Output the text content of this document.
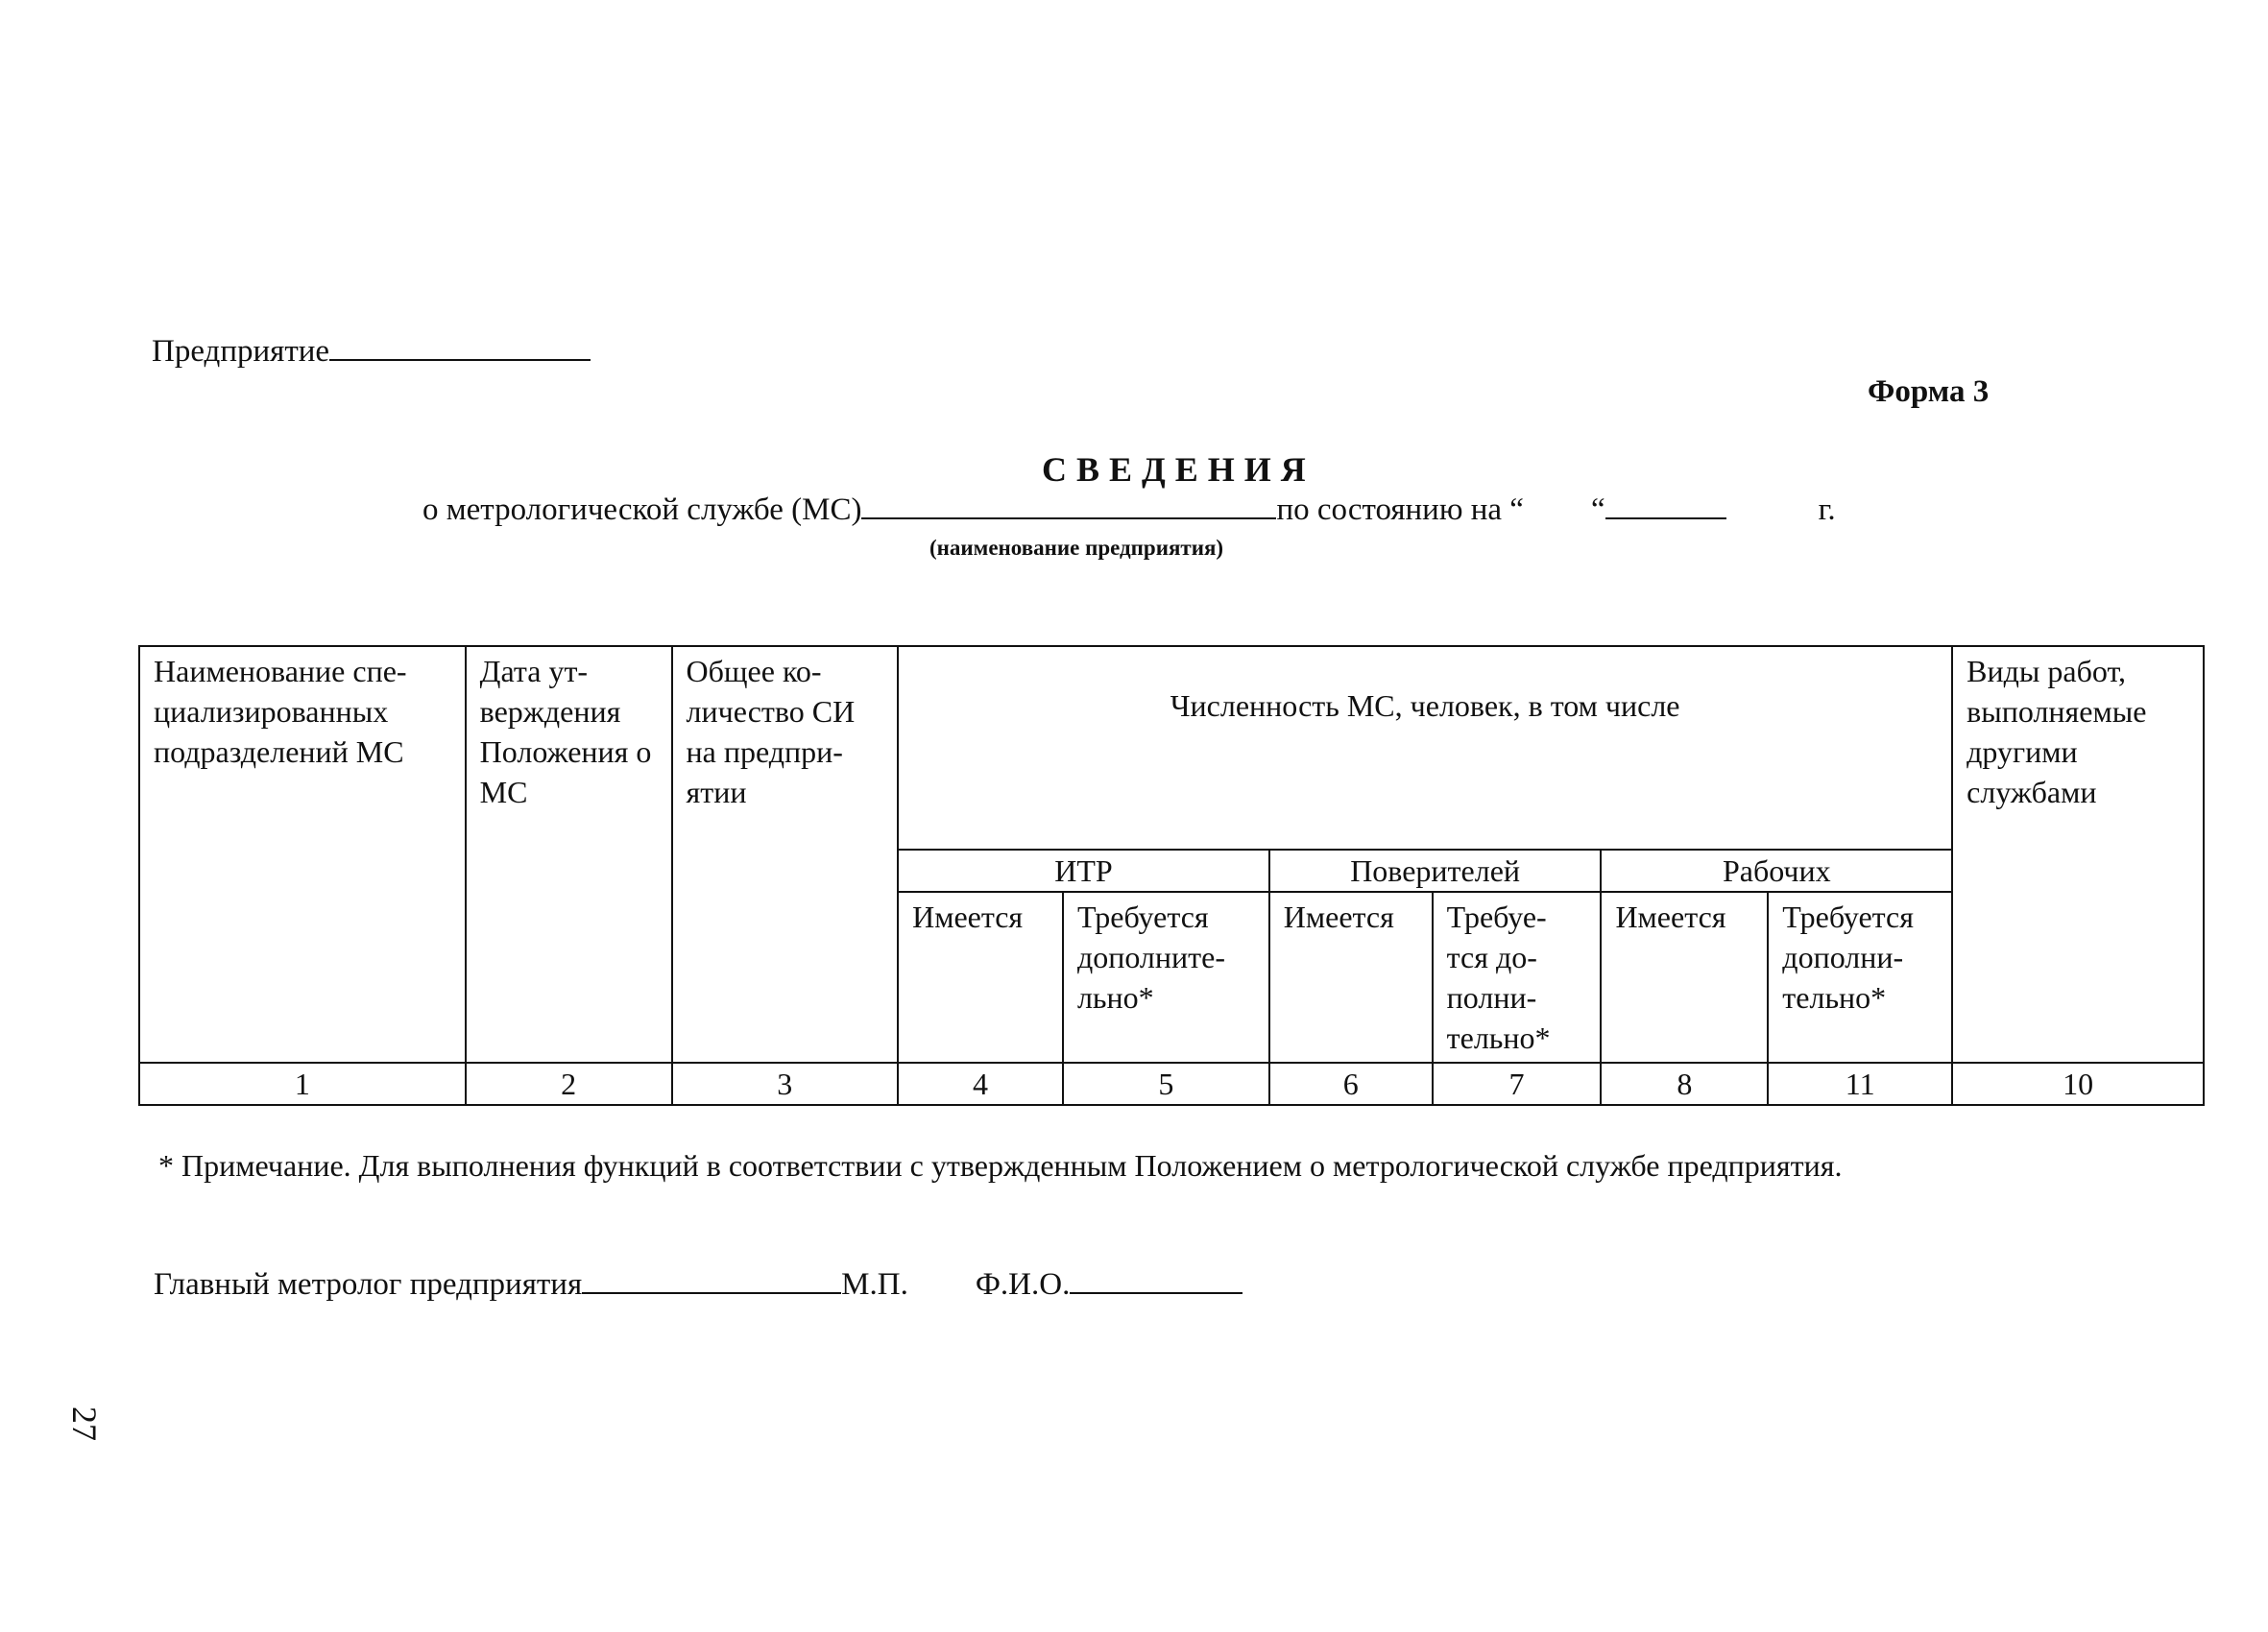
Предприятие
Форма 3
СВЕДЕНИЯ
о метрологической службе (МС)	по состоянию на “ “	г.
(наименование предприятия)
Наименование спе-циализированных подразделений МС	Дата ут-верждения Положения о МС	Общее ко-личество СИ на предпри-ятии	Численность МС, человек, в том числе						Виды работ, выполняемые другими службами
			ИТР		Поверителей		Рабочих		
			Имеется	Требуется дополните-льно*	Имеется	Требуе-тся до-полни-тельно*	Имеется	Требуется дополни-тельно*	
1	2	3	4	5	6	7	8	11	10
* Примечание. Для выполнения функций в соответствии с утвержденным Положением о метрологической службе предприятия.
Главный метролог предприятия	М.П. Ф.И.О.
27
